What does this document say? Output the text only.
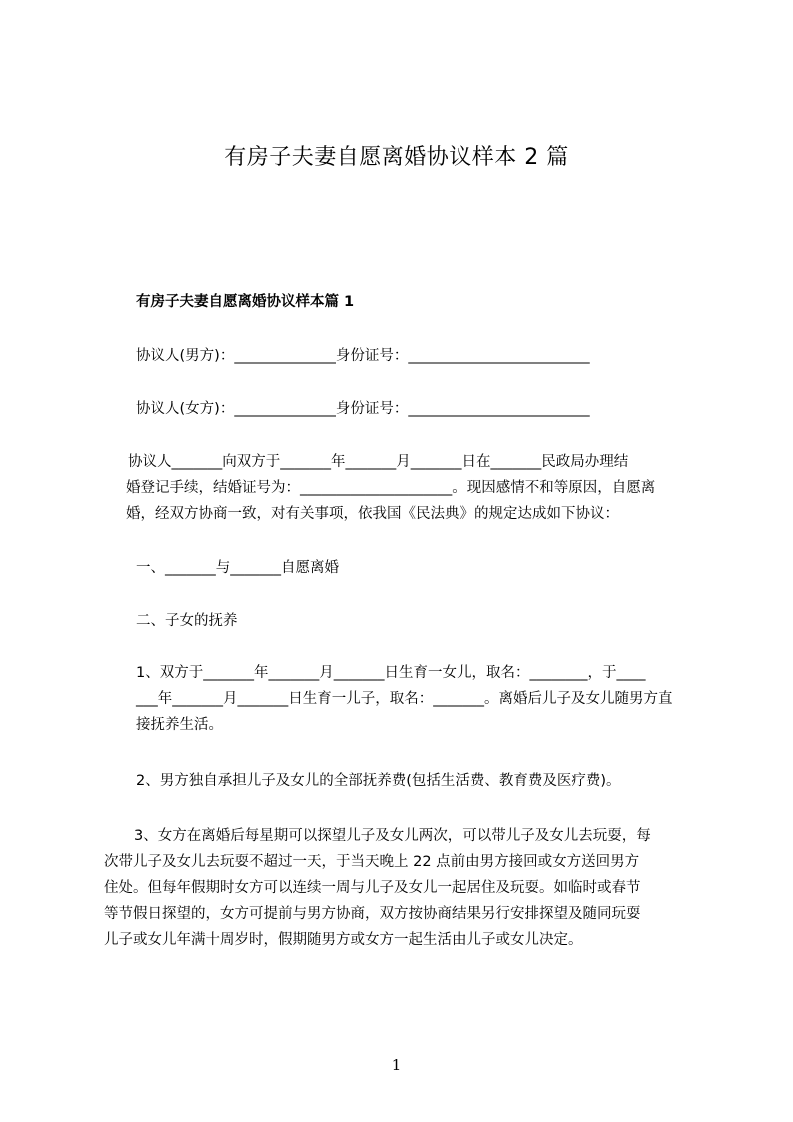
有房子夫妻自愿离婚协议样本 2 篇
有房子夫妻自愿离婚协议样本篇 1
协议人(男方)：______________身份证号：_________________________
协议人(女方)：______________身份证号：_________________________
协议人_______向双方于_______年_______月_______日在_______民政局办理结
婚登记手续，结婚证号为：_____________________。现因感情不和等原因，自愿离
婚，经双方协商一致，对有关事项，依我国《民法典》的规定达成如下协议：
一、_______与_______自愿离婚
二、子女的抚养
1、双方于_______年_______月_______日生育一女儿，取名：________，于____
___年_______月_______日生育一儿子，取名：_______。离婚后儿子及女儿随男方直
接抚养生活。
2、男方独自承担儿子及女儿的全部抚养费(包括生活费、教育费及医疗费)。
3、女方在离婚后每星期可以探望儿子及女儿两次，可以带儿子及女儿去玩耍，每
次带儿子及女儿去玩耍不超过一天，于当天晚上 22 点前由男方接回或女方送回男方
住处。但每年假期时女方可以连续一周与儿子及女儿一起居住及玩耍。如临时或春节
等节假日探望的，女方可提前与男方协商，双方按协商结果另行安排探望及随同玩耍
儿子或女儿年满十周岁时，假期随男方或女方一起生活由儿子或女儿决定。
1
